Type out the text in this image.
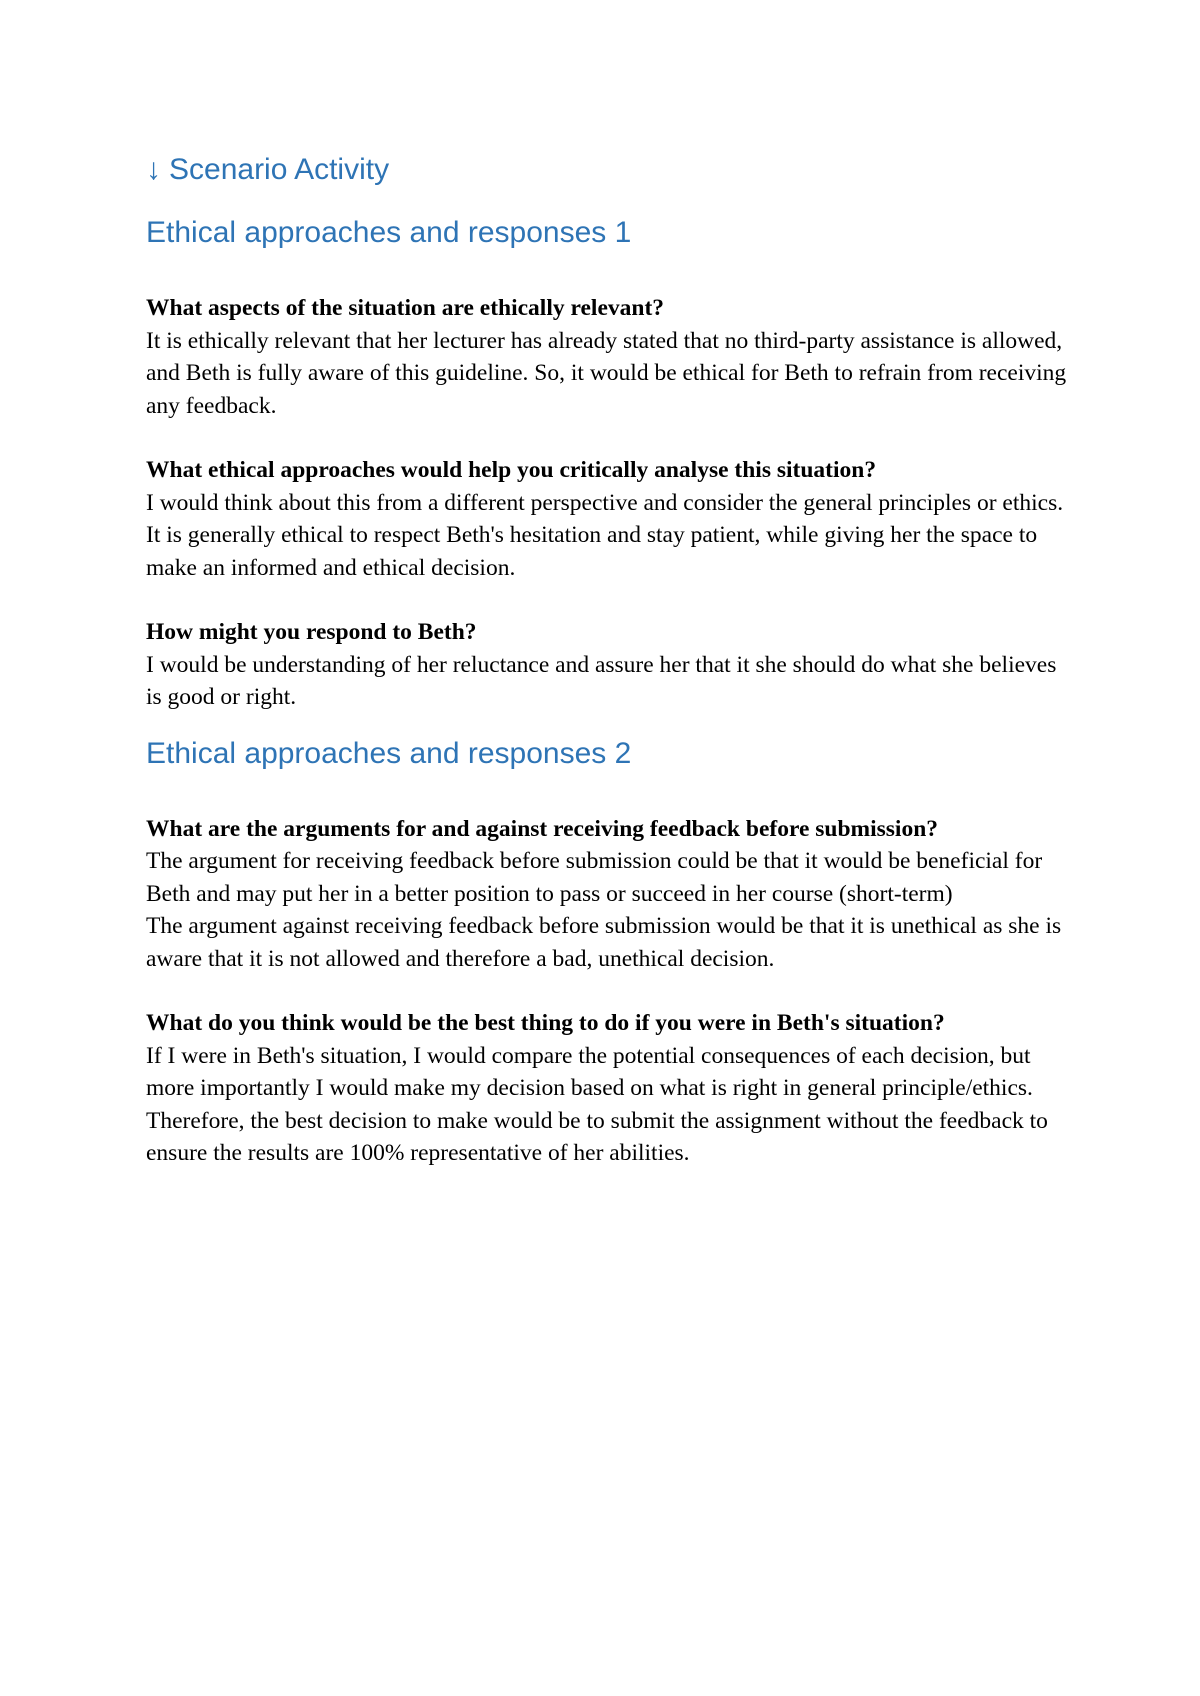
↓ Scenario Activity
Ethical approaches and responses 1

What aspects of the situation are ethically relevant?

It is ethically relevant that her lecturer has already stated that no third-party assistance is allowed, and Beth is fully aware of this guideline. So, it would be ethical for Beth to refrain from receiving any feedback.

What ethical approaches would help you critically analyse this situation?

I would think about this from a different perspective and consider the general principles or ethics. It is generally ethical to respect Beth's hesitation and stay patient, while giving her the space to make an informed and ethical decision.

How might you respond to Beth?

I would be understanding of her reluctance and assure her that it she should do what she believes is good or right.

Ethical approaches and responses 2

What are the arguments for and against receiving feedback before submission?

The argument for receiving feedback before submission could be that it would be beneficial for Beth and may put her in a better position to pass or succeed in her course (short-term)

The argument against receiving feedback before submission would be that it is unethical as she is aware that it is not allowed and therefore a bad, unethical decision.

What do you think would be the best thing to do if you were in Beth's situation?

If I were in Beth's situation, I would compare the potential consequences of each decision, but more importantly I would make my decision based on what is right in general principle/ethics. Therefore, the best decision to make would be to submit the assignment without the feedback to ensure the results are 100% representative of her abilities.
